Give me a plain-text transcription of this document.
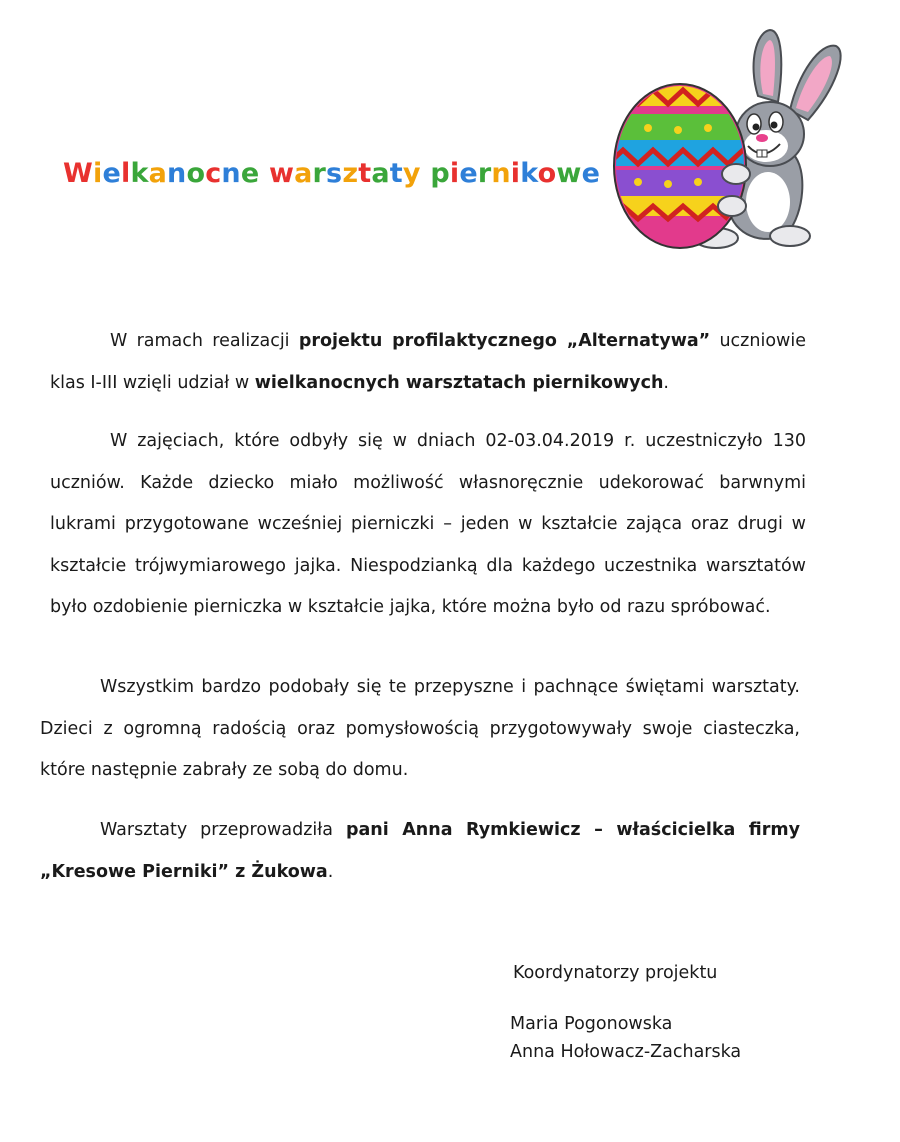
Wielkanocne warsztaty piernikowe

W ramach realizacji projektu profilaktycznego „Alternatywa” uczniowie klas I-III wzięli udział w wielkanocnych warsztatach piernikowych.

W zajęciach, które odbyły się w dniach 02-03.04.2019 r. uczestniczyło 130 uczniów. Każde dziecko miało możliwość własnoręcznie udekorować barwnymi lukrami przygotowane wcześniej pierniczki – jeden w kształcie zająca oraz drugi w kształcie trójwymiarowego jajka. Niespodzianką dla każdego uczestnika warsztatów było ozdobienie pierniczka w kształcie jajka, które można było od razu spróbować.

Wszystkim bardzo podobały się te przepyszne i pachnące świętami warsztaty. Dzieci z ogromną radością oraz pomysłowością przygotowywały swoje ciasteczka, które następnie zabrały ze sobą do domu.

Warsztaty przeprowadziła pani Anna Rymkiewicz – właścicielka firmy „Kresowe Pierniki” z Żukowa.

Koordynatorzy projektu

Maria Pogonowska

Anna Hołowacz-Zacharska
